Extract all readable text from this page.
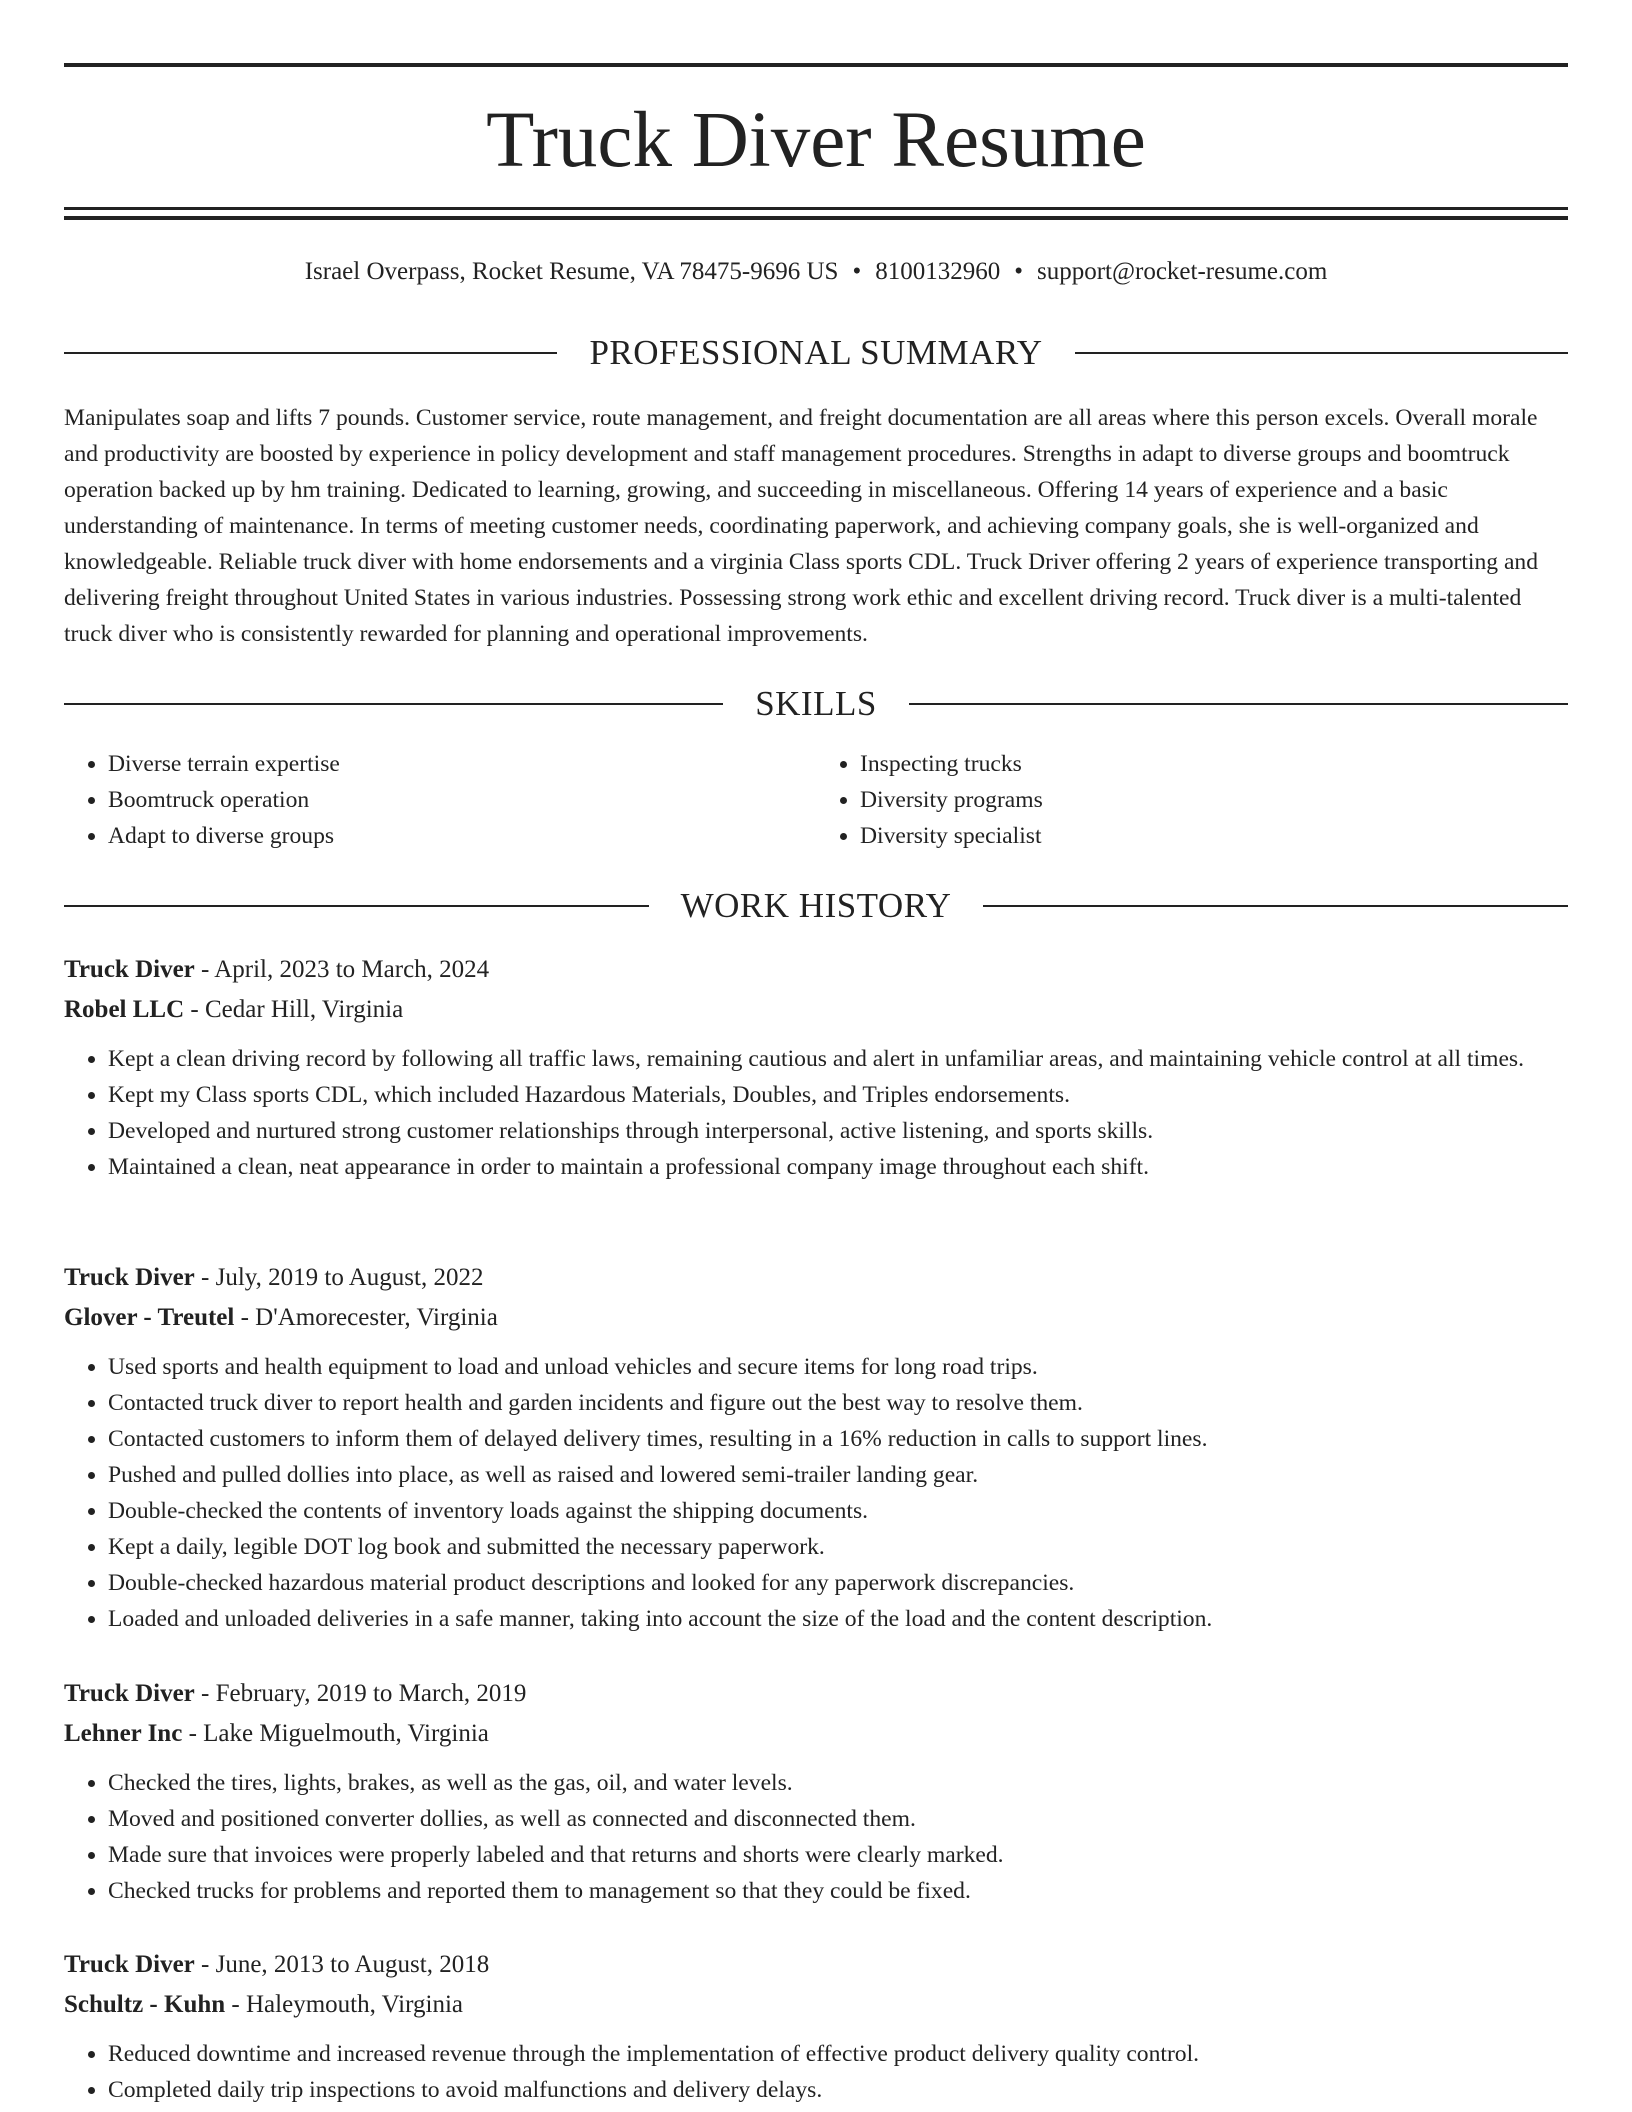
Truck Diver Resume
Israel Overpass, Rocket Resume, VA 78475-9696 US • 8100132960 • support@rocket-resume.com
PROFESSIONAL SUMMARY

Manipulates soap and lifts 7 pounds. Customer service, route management, and freight documentation are all areas where this person excels. Overall morale and productivity are boosted by experience in policy development and staff management procedures. Strengths in adapt to diverse groups and boomtruck operation backed up by hm training. Dedicated to learning, growing, and succeeding in miscellaneous. Offering 14 years of experience and a basic understanding of maintenance. In terms of meeting customer needs, coordinating paperwork, and achieving company goals, she is well-organized and knowledgeable. Reliable truck diver with home endorsements and a virginia Class sports CDL. Truck Driver offering 2 years of experience transporting and delivering freight throughout United States in various industries. Possessing strong work ethic and excellent driving record. Truck diver is a multi-talented truck diver who is consistently rewarded for planning and operational improvements.

SKILLS
• Diverse terrain expertise
• Boomtruck operation
• Adapt to diverse groups
• Inspecting trucks
• Diversity programs
• Diversity specialist
WORK HISTORY

Truck Diver - April, 2023 to March, 2024

Robel LLC - Cedar Hill, Virginia

• Kept a clean driving record by following all traffic laws, remaining cautious and alert in unfamiliar areas, and maintaining vehicle control at all times.
• Kept my Class sports CDL, which included Hazardous Materials, Doubles, and Triples endorsements.
• Developed and nurtured strong customer relationships through interpersonal, active listening, and sports skills.
• Maintained a clean, neat appearance in order to maintain a professional company image throughout each shift.

Truck Diver - July, 2019 to August, 2022

Glover - Treutel - D'Amorecester, Virginia

• Used sports and health equipment to load and unload vehicles and secure items for long road trips.
• Contacted truck diver to report health and garden incidents and figure out the best way to resolve them.
• Contacted customers to inform them of delayed delivery times, resulting in a 16% reduction in calls to support lines.
• Pushed and pulled dollies into place, as well as raised and lowered semi-trailer landing gear.
• Double-checked the contents of inventory loads against the shipping documents.
• Kept a daily, legible DOT log book and submitted the necessary paperwork.
• Double-checked hazardous material product descriptions and looked for any paperwork discrepancies.
• Loaded and unloaded deliveries in a safe manner, taking into account the size of the load and the content description.

Truck Diver - February, 2019 to March, 2019

Lehner Inc - Lake Miguelmouth, Virginia

• Checked the tires, lights, brakes, as well as the gas, oil, and water levels.
• Moved and positioned converter dollies, as well as connected and disconnected them.
• Made sure that invoices were properly labeled and that returns and shorts were clearly marked.
• Checked trucks for problems and reported them to management so that they could be fixed.

Truck Diver - June, 2013 to August, 2018

Schultz - Kuhn - Haleymouth, Virginia

• Reduced downtime and increased revenue through the implementation of effective product delivery quality control.
• Completed daily trip inspections to avoid malfunctions and delivery delays.
